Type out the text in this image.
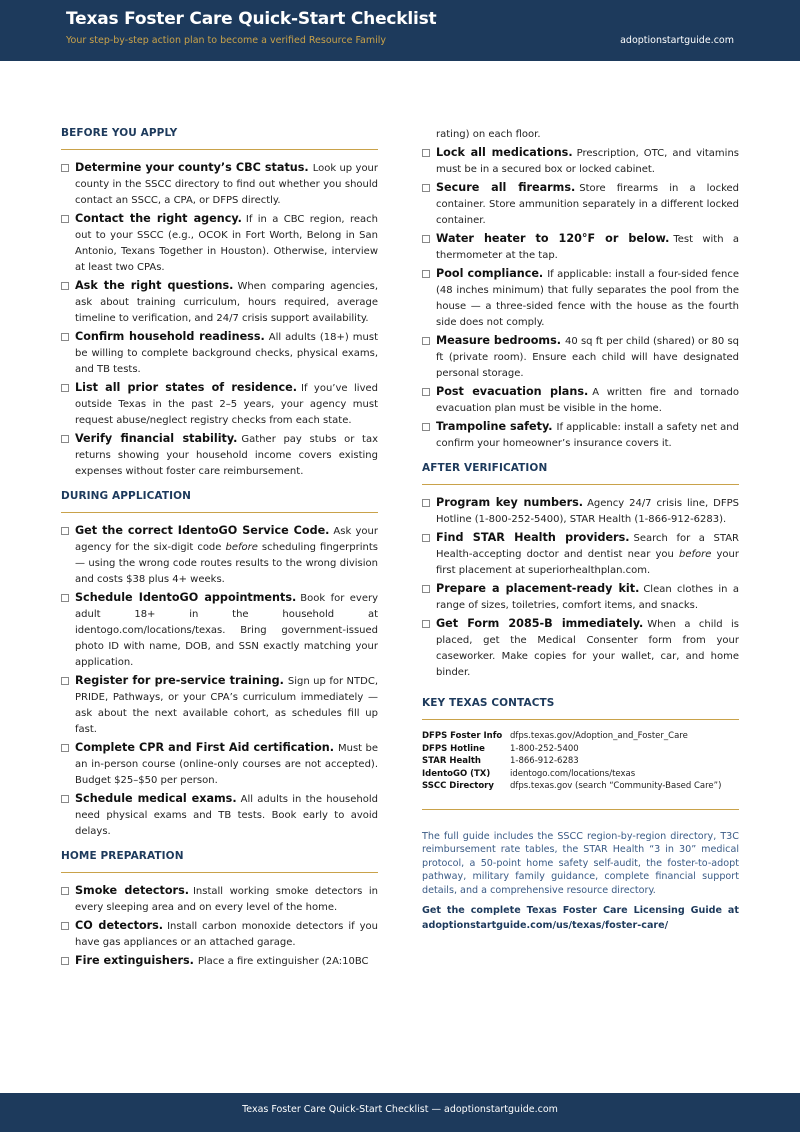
Texas Foster Care Quick-Start Checklist
Your step-by-step action plan to become a verified Resource Family	adoptionstartguide.com
BEFORE YOU APPLY
Determine your county’s CBC status. Look up your county in the SSCC directory to find out whether you should contact an SSCC, a CPA, or DFPS directly.
Contact the right agency. If in a CBC region, reach out to your SSCC (e.g., OCOK in Fort Worth, Belong in San Antonio, Texans Together in Houston). Otherwise, interview at least two CPAs.
Ask the right questions. When comparing agencies, ask about training curriculum, hours required, average timeline to verification, and 24/7 crisis support availability.
Confirm household readiness. All adults (18+) must be willing to complete background checks, physical exams, and TB tests.
List all prior states of residence. If you’ve lived outside Texas in the past 2–5 years, your agency must request abuse/neglect registry checks from each state.
Verify financial stability. Gather pay stubs or tax returns showing your household income covers existing expenses without foster care reimbursement.
DURING APPLICATION
Get the correct IdentoGO Service Code. Ask your agency for the six-digit code before scheduling fingerprints — using the wrong code routes results to the wrong division and costs $38 plus 4+ weeks.
Schedule IdentoGO appointments. Book for every adult 18+ in the household at identogo.com/locations/texas. Bring government-issued photo ID with name, DOB, and SSN exactly matching your application.
Register for pre-service training. Sign up for NTDC, PRIDE, Pathways, or your CPA’s curriculum immediately — ask about the next available cohort, as schedules fill up fast.
Complete CPR and First Aid certification. Must be an in-person course (online-only courses are not accepted). Budget $25–$50 per person.
Schedule medical exams. All adults in the household need physical exams and TB tests. Book early to avoid delays.
HOME PREPARATION
Smoke detectors. Install working smoke detectors in every sleeping area and on every level of the home.
CO detectors. Install carbon monoxide detectors if you have gas appliances or an attached garage.
Fire extinguishers. Place a fire extinguisher (2A:10BC
rating) on each floor.
Lock all medications. Prescription, OTC, and vitamins must be in a secured box or locked cabinet.
Secure all firearms. Store firearms in a locked container. Store ammunition separately in a different locked container.
Water heater to 120°F or below. Test with a thermometer at the tap.
Pool compliance. If applicable: install a four-sided fence (48 inches minimum) that fully separates the pool from the house — a three-sided fence with the house as the fourth side does not comply.
Measure bedrooms. 40 sq ft per child (shared) or 80 sq ft (private room). Ensure each child will have designated personal storage.
Post evacuation plans. A written fire and tornado evacuation plan must be visible in the home.
Trampoline safety. If applicable: install a safety net and confirm your homeowner’s insurance covers it.
AFTER VERIFICATION
Program key numbers. Agency 24/7 crisis line, DFPS Hotline (1-800-252-5400), STAR Health (1-866-912-6283).
Find STAR Health providers. Search for a STAR Health-accepting doctor and dentist near you before your first placement at superiorhealthplan.com.
Prepare a placement-ready kit. Clean clothes in a range of sizes, toiletries, comfort items, and snacks.
Get Form 2085-B immediately. When a child is placed, get the Medical Consenter form from your caseworker. Make copies for your wallet, car, and home binder.
KEY TEXAS CONTACTS
DFPS Foster Info	dfps.texas.gov/Adoption_and_Foster_Care
DFPS Hotline	1-800-252-5400
STAR Health	1-866-912-6283
IdentoGO (TX)	identogo.com/locations/texas
SSCC Directory	dfps.texas.gov (search “Community-Based Care”)
The full guide includes the SSCC region-by-region directory, T3C reimbursement rate tables, the STAR Health “3 in 30” medical protocol, a 50-point home safety self-audit, the foster-to-adopt pathway, military family guidance, complete financial support details, and a comprehensive resource directory.
Get the complete Texas Foster Care Licensing Guide at adoptionstartguide.com/us/texas/foster-care/
Texas Foster Care Quick-Start Checklist — adoptionstartguide.com
